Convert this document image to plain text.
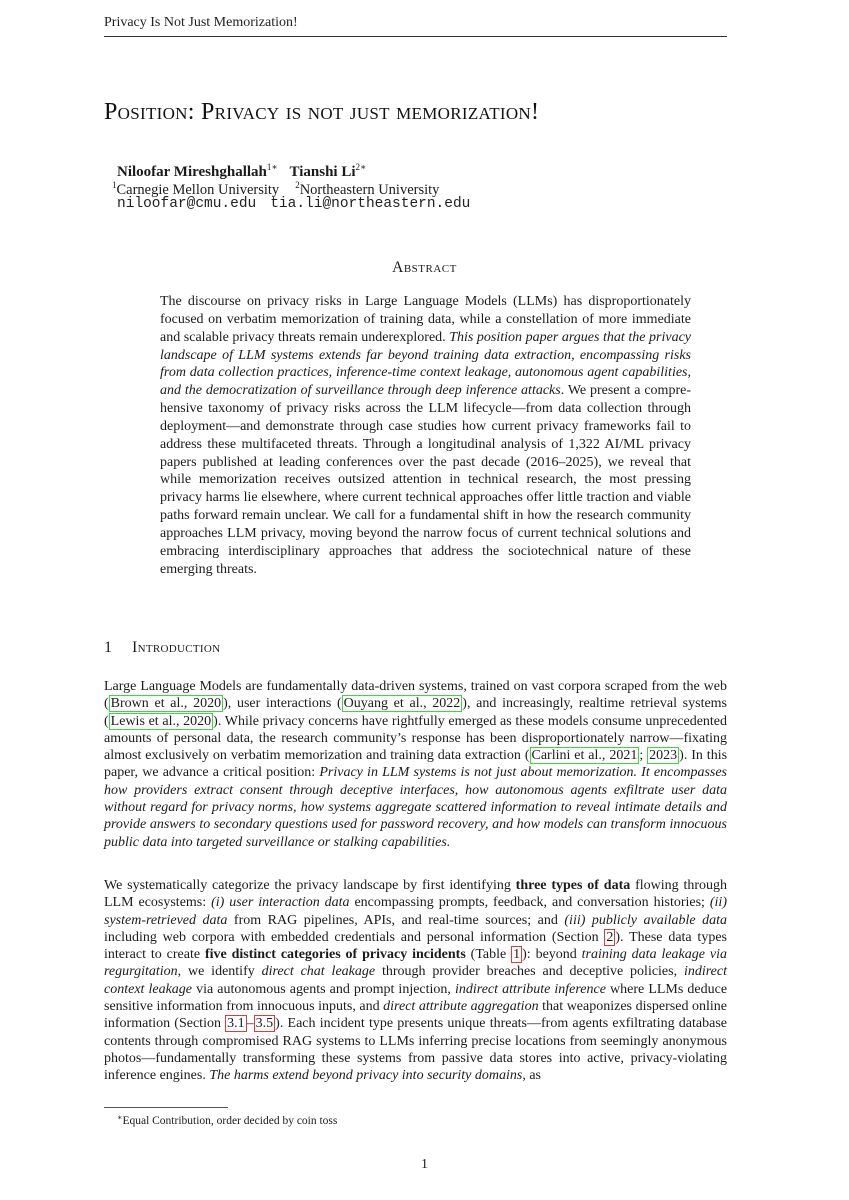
Privacy Is Not Just Memorization!
Position: Privacy is not just memorization!
Niloofar Mireshghallah$^{1∗}$ Tianshi $Li^{2∗}$
$^1$Carnegie Mellon University $^2$Northeastern University
niloofar@cmu.edu tia.li@northeastern.edu
Abstract
The discourse on privacy risks in Large Language Models (LLMs) has disproportionately focused on verbatim memorization of training data, while a constellation of more immediate and scalable privacy threats remain underexplored. This position paper argues that the privacy landscape of LLM systems extends far beyond training data extraction, encompassing risks from data collection practices, inference-time context leakage, autonomous agent capabilities, and the democratization of surveillance through deep inference attacks. We present a comprehensive taxonomy of privacy risks across the LLM lifecycle—from data collection through deployment—and demonstrate through case studies how current privacy frameworks fail to address these multifaceted threats. Through a longitudinal analysis of 1,322 AI/ML privacy papers published at leading conferences over the past decade (2016–2025), we reveal that while memorization receives outsized attention in technical research, the most pressing privacy harms lie elsewhere, where current technical approaches offer little traction and viable paths forward remain unclear. We call for a fundamental shift in how the research community approaches LLM privacy, moving beyond the narrow focus of current technical solutions and embracing interdisciplinary approaches that address the sociotechnical nature of these emerging threats.
1 Introduction
Large Language Models are fundamentally data-driven systems, trained on vast corpora scraped from the web ( Brown et al., 2020 ), user interactions ( Ouyang et al., 2022 ), and increasingly, realtime retrieval systems ( Lewis et al., 2020 ). While privacy concerns have rightfully emerged as these models consume unprecedented amounts of personal data, the research community’s response has been disproportionately narrow—fixating almost exclusively on verbatim memorization and training data extraction ( Carlini et al., 2021 ; 2023 ). In this paper, we advance a critical position: Privacy in LLM systems is not just about memorization. It encompasses how providers extract consent through deceptive interfaces, how autonomous agents exfiltrate user data without regard for privacy norms, how systems aggregate scattered information to reveal intimate details and provide answers to secondary questions used for password recovery, and how models can transform innocuous public data into targeted surveillance or stalking capabilities.
We systematically categorize the privacy landscape by first identifying three types of data flowing through LLM ecosystems: (i) user interaction data encompassing prompts, feedback, and conversation histories; (ii) system-retrieved data from RAG pipelines, APIs, and real-time sources; and (iii) publicly available data including web corpora with embedded credentials and personal information (Section 2 ). These data types interact to create five distinct categories of privacy incidents (Table 1 ): beyond training data leakage via regurgitation, we identify direct chat leakage through provider breaches and deceptive policies, indirect context leakage via autonomous agents and prompt injection, indirect attribute inference where LLMs deduce sensitive information from innocuous inputs, and direct attribute aggregation that weaponizes dispersed online information (Section 3.1 – 3.5 ). Each incident type presents unique threats—from agents exfiltrating database contents through compromised RAG systems to LLMs inferring precise locations from seemingly anonymous photos—fundamentally transforming these systems from passive data stores into active, privacy-violating inference engines. The harms extend beyond privacy into security domains, as
∗Equal Contribution, order decided by coin toss
1
